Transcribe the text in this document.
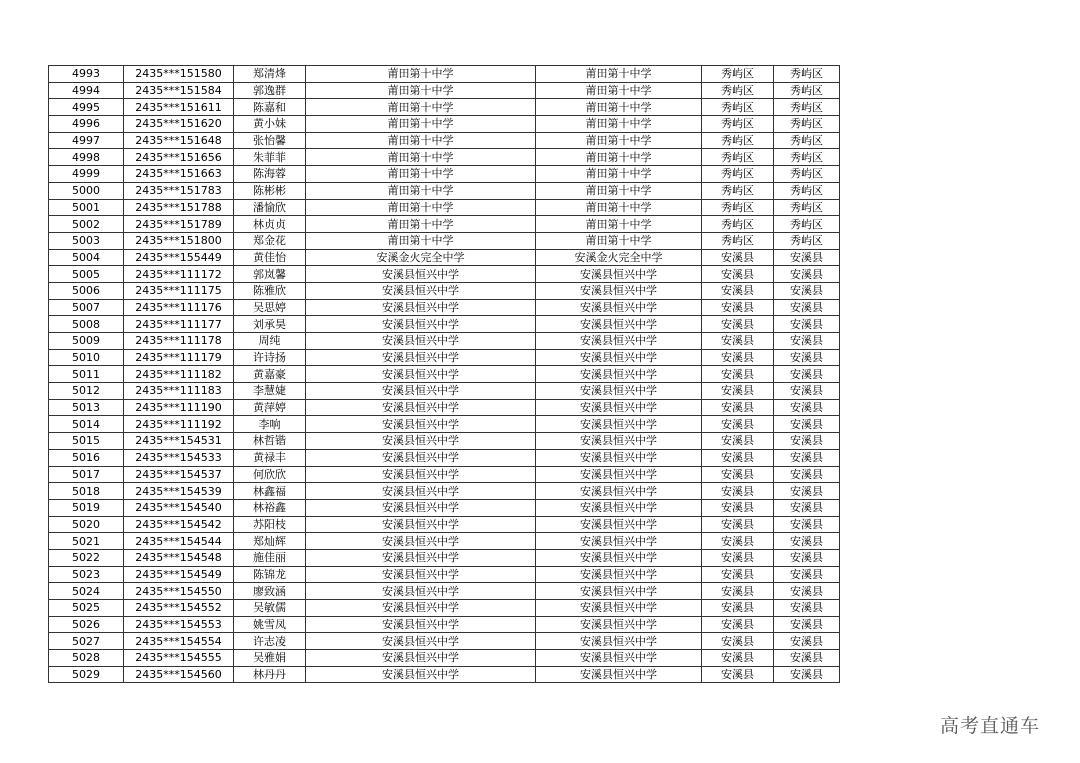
4993	2435***151580	郑清烽	莆田第十中学	莆田第十中学	秀屿区	秀屿区
4994	2435***151584	郭逸群	莆田第十中学	莆田第十中学	秀屿区	秀屿区
4995	2435***151611	陈嘉和	莆田第十中学	莆田第十中学	秀屿区	秀屿区
4996	2435***151620	黄小妹	莆田第十中学	莆田第十中学	秀屿区	秀屿区
4997	2435***151648	张怡馨	莆田第十中学	莆田第十中学	秀屿区	秀屿区
4998	2435***151656	朱菲菲	莆田第十中学	莆田第十中学	秀屿区	秀屿区
4999	2435***151663	陈海蓉	莆田第十中学	莆田第十中学	秀屿区	秀屿区
5000	2435***151783	陈彬彬	莆田第十中学	莆田第十中学	秀屿区	秀屿区
5001	2435***151788	潘愉欣	莆田第十中学	莆田第十中学	秀屿区	秀屿区
5002	2435***151789	林贞贞	莆田第十中学	莆田第十中学	秀屿区	秀屿区
5003	2435***151800	郑金花	莆田第十中学	莆田第十中学	秀屿区	秀屿区
5004	2435***155449	黄佳怡	安溪金火完全中学	安溪金火完全中学	安溪县	安溪县
5005	2435***111172	郭岚馨	安溪县恒兴中学	安溪县恒兴中学	安溪县	安溪县
5006	2435***111175	陈雅欣	安溪县恒兴中学	安溪县恒兴中学	安溪县	安溪县
5007	2435***111176	吴思婷	安溪县恒兴中学	安溪县恒兴中学	安溪县	安溪县
5008	2435***111177	刘承昊	安溪县恒兴中学	安溪县恒兴中学	安溪县	安溪县
5009	2435***111178	周纯	安溪县恒兴中学	安溪县恒兴中学	安溪县	安溪县
5010	2435***111179	许诗扬	安溪县恒兴中学	安溪县恒兴中学	安溪县	安溪县
5011	2435***111182	黄嘉豪	安溪县恒兴中学	安溪县恒兴中学	安溪县	安溪县
5012	2435***111183	李慧婕	安溪县恒兴中学	安溪县恒兴中学	安溪县	安溪县
5013	2435***111190	黄萍婷	安溪县恒兴中学	安溪县恒兴中学	安溪县	安溪县
5014	2435***111192	李响	安溪县恒兴中学	安溪县恒兴中学	安溪县	安溪县
5015	2435***154531	林哲锴	安溪县恒兴中学	安溪县恒兴中学	安溪县	安溪县
5016	2435***154533	黄禄丰	安溪县恒兴中学	安溪县恒兴中学	安溪县	安溪县
5017	2435***154537	何欣欣	安溪县恒兴中学	安溪县恒兴中学	安溪县	安溪县
5018	2435***154539	林鑫福	安溪县恒兴中学	安溪县恒兴中学	安溪县	安溪县
5019	2435***154540	林裕鑫	安溪县恒兴中学	安溪县恒兴中学	安溪县	安溪县
5020	2435***154542	苏阳枝	安溪县恒兴中学	安溪县恒兴中学	安溪县	安溪县
5021	2435***154544	郑灿辉	安溪县恒兴中学	安溪县恒兴中学	安溪县	安溪县
5022	2435***154548	施佳丽	安溪县恒兴中学	安溪县恒兴中学	安溪县	安溪县
5023	2435***154549	陈锦龙	安溪县恒兴中学	安溪县恒兴中学	安溪县	安溪县
5024	2435***154550	廖致涵	安溪县恒兴中学	安溪县恒兴中学	安溪县	安溪县
5025	2435***154552	吴敏儒	安溪县恒兴中学	安溪县恒兴中学	安溪县	安溪县
5026	2435***154553	姚雪凤	安溪县恒兴中学	安溪县恒兴中学	安溪县	安溪县
5027	2435***154554	许志凌	安溪县恒兴中学	安溪县恒兴中学	安溪县	安溪县
5028	2435***154555	吴雅娟	安溪县恒兴中学	安溪县恒兴中学	安溪县	安溪县
5029	2435***154560	林丹丹	安溪县恒兴中学	安溪县恒兴中学	安溪县	安溪县
高考直通车
